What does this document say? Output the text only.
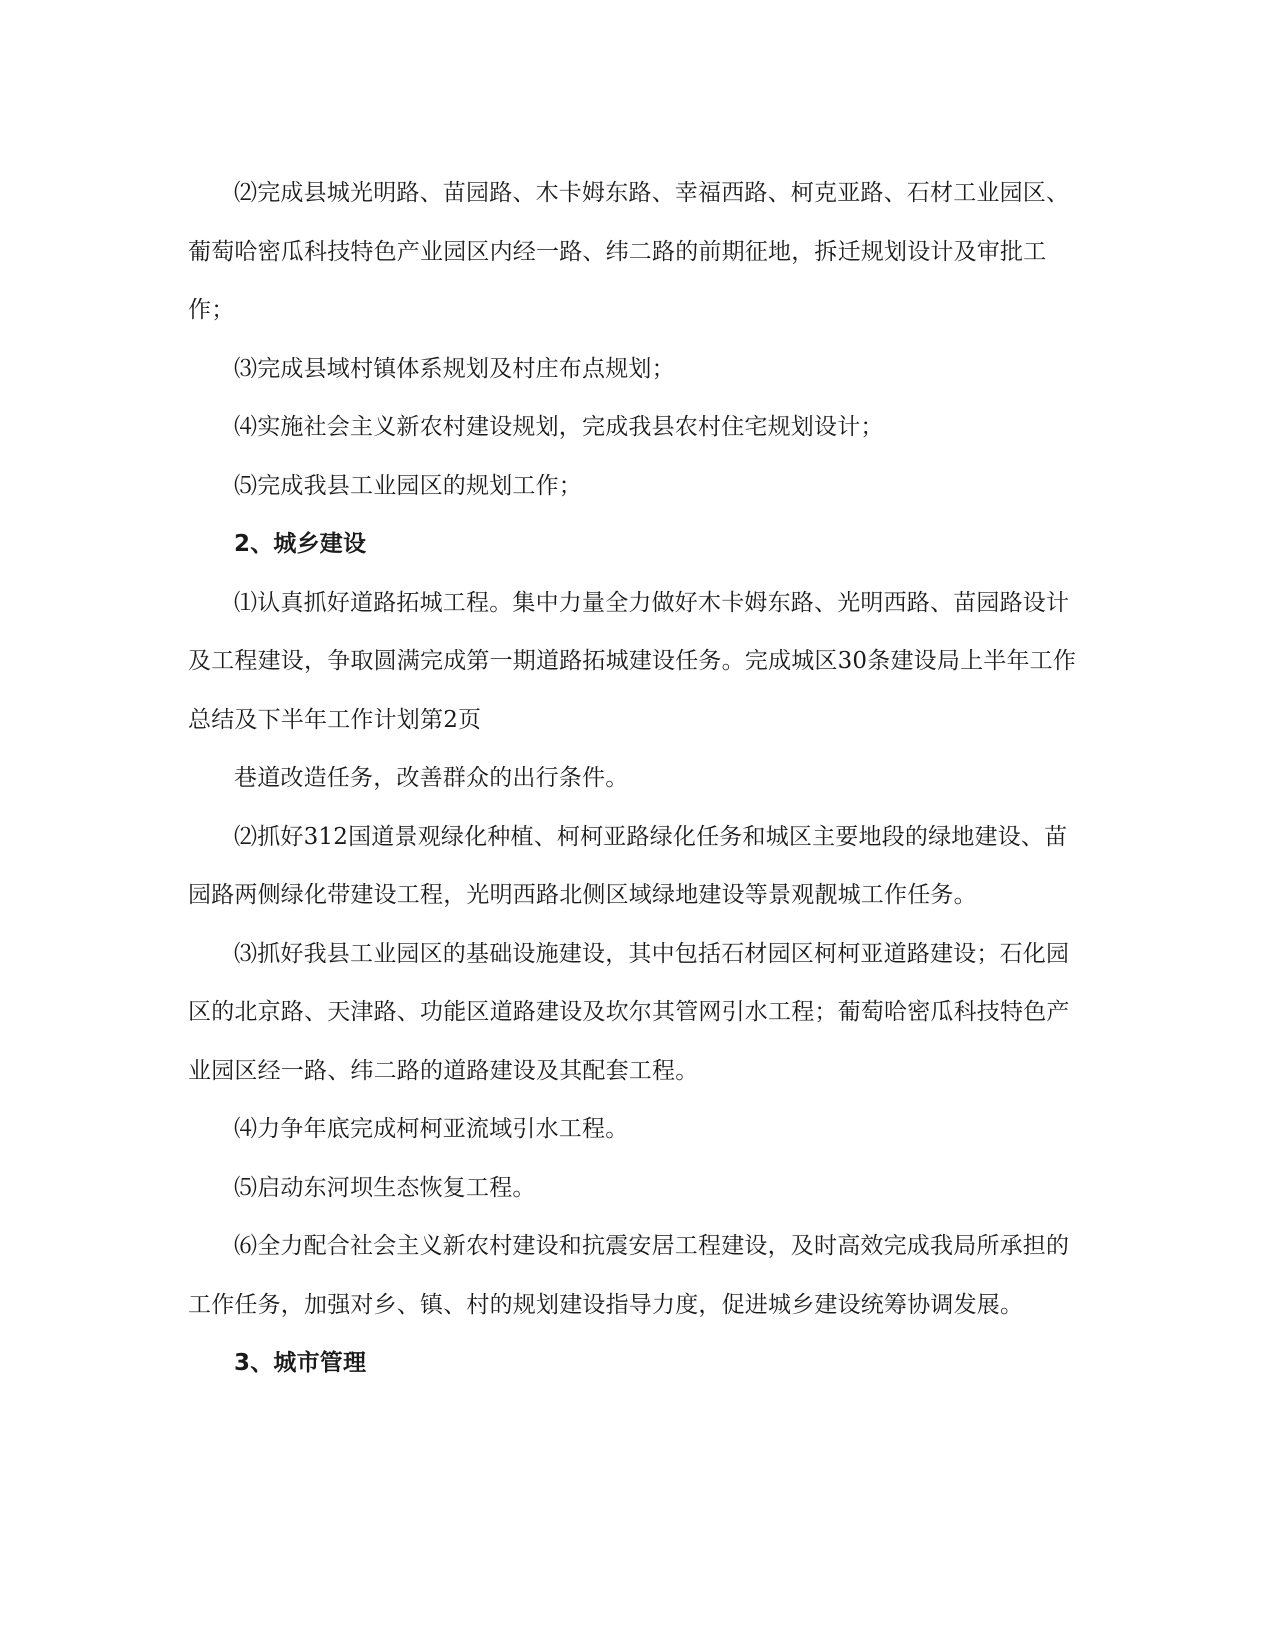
⑵完成县城光明路、苗园路、木卡姆东路、幸福西路、柯克亚路、石材工业园区、葡萄哈密瓜科技特色产业园区内经一路、纬二路的前期征地，拆迁规划设计及审批工作；

⑶完成县域村镇体系规划及村庄布点规划；

⑷实施社会主义新农村建设规划，完成我县农村住宅规划设计；

⑸完成我县工业园区的规划工作；

2、城乡建设

⑴认真抓好道路拓城工程。集中力量全力做好木卡姆东路、光明西路、苗园路设计及工程建设，争取圆满完成第一期道路拓城建设任务。完成城区30条建设局上半年工作总结及下半年工作计划第2页

巷道改造任务，改善群众的出行条件。

⑵抓好312国道景观绿化种植、柯柯亚路绿化任务和城区主要地段的绿地建设、苗园路两侧绿化带建设工程，光明西路北侧区域绿地建设等景观靓城工作任务。

⑶抓好我县工业园区的基础设施建设，其中包括石材园区柯柯亚道路建设；石化园区的北京路、天津路、功能区道路建设及坎尔其管网引水工程；葡萄哈密瓜科技特色产业园区经一路、纬二路的道路建设及其配套工程。

⑷力争年底完成柯柯亚流域引水工程。

⑸启动东河坝生态恢复工程。

⑹全力配合社会主义新农村建设和抗震安居工程建设，及时高效完成我局所承担的工作任务，加强对乡、镇、村的规划建设指导力度，促进城乡建设统筹协调发展。

3、城市管理
